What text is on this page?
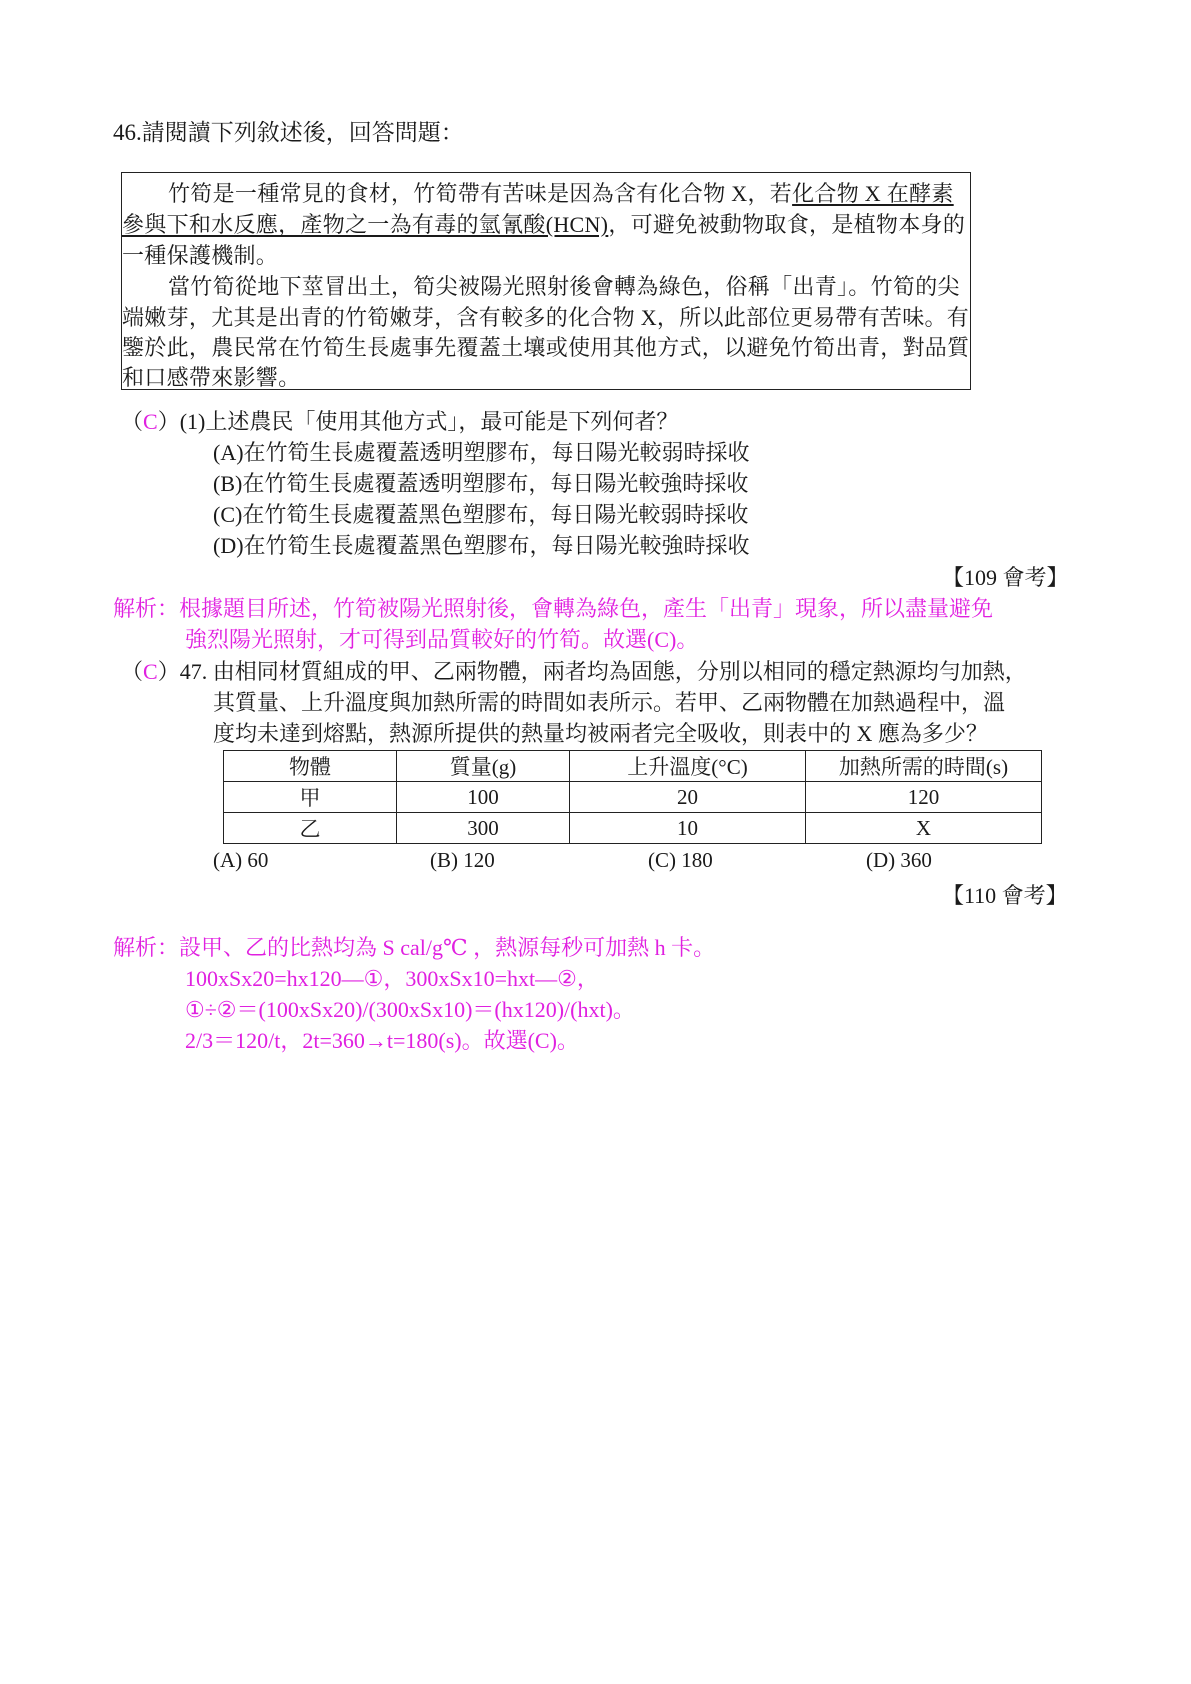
46.請閱讀下列敘述後，回答問題：
竹筍是一種常見的食材，竹筍帶有苦味是因為含有化合物 X，若化合物 X 在酵素
參與下和水反應，產物之一為有毒的氫氰酸(HCN)，可避免被動物取食，是植物本身的
一種保護機制。
當竹筍從地下莖冒出土，筍尖被陽光照射後會轉為綠色，俗稱「出青」。竹筍的尖
端嫩芽，尤其是出青的竹筍嫩芽，含有較多的化合物 X，所以此部位更易帶有苦味。有
鑒於此，農民常在竹筍生長處事先覆蓋土壤或使用其他方式，以避免竹筍出青，對品質
和口感帶來影響。
（C）(1)上述農民「使用其他方式」，最可能是下列何者？
(A)在竹筍生長處覆蓋透明塑膠布，每日陽光較弱時採收
(B)在竹筍生長處覆蓋透明塑膠布，每日陽光較強時採收
(C)在竹筍生長處覆蓋黑色塑膠布，每日陽光較弱時採收
(D)在竹筍生長處覆蓋黑色塑膠布，每日陽光較強時採收
【109 會考】
解析：根據題目所述，竹筍被陽光照射後，會轉為綠色，產生「出青」現象，所以盡量避免
強烈陽光照射，才可得到品質較好的竹筍。故選(C)。
（C）47. 由相同材質組成的甲、乙兩物體，兩者均為固態，分別以相同的穩定熱源均勻加熱，
其質量、上升溫度與加熱所需的時間如表所示。若甲、乙兩物體在加熱過程中，溫
度均未達到熔點，熱源所提供的熱量均被兩者完全吸收，則表中的 X 應為多少？
物體	質量(g)	上升溫度(°C)	加熱所需的時間(s)
甲	100	20	120
乙	300	10	X
(A) 60	(B) 120	(C) 180	(D) 360
【110 會考】
解析：設甲、乙的比熱均為 S cal/g℃ ，熱源每秒可加熱 h 卡。
100xSx20=hx120—①，300xSx10=hxt—②，
①÷②＝(100xSx20)/(300xSx10)＝(hx120)/(hxt)。
2/3＝120/t，2t=360→t=180(s)。故選(C)。
